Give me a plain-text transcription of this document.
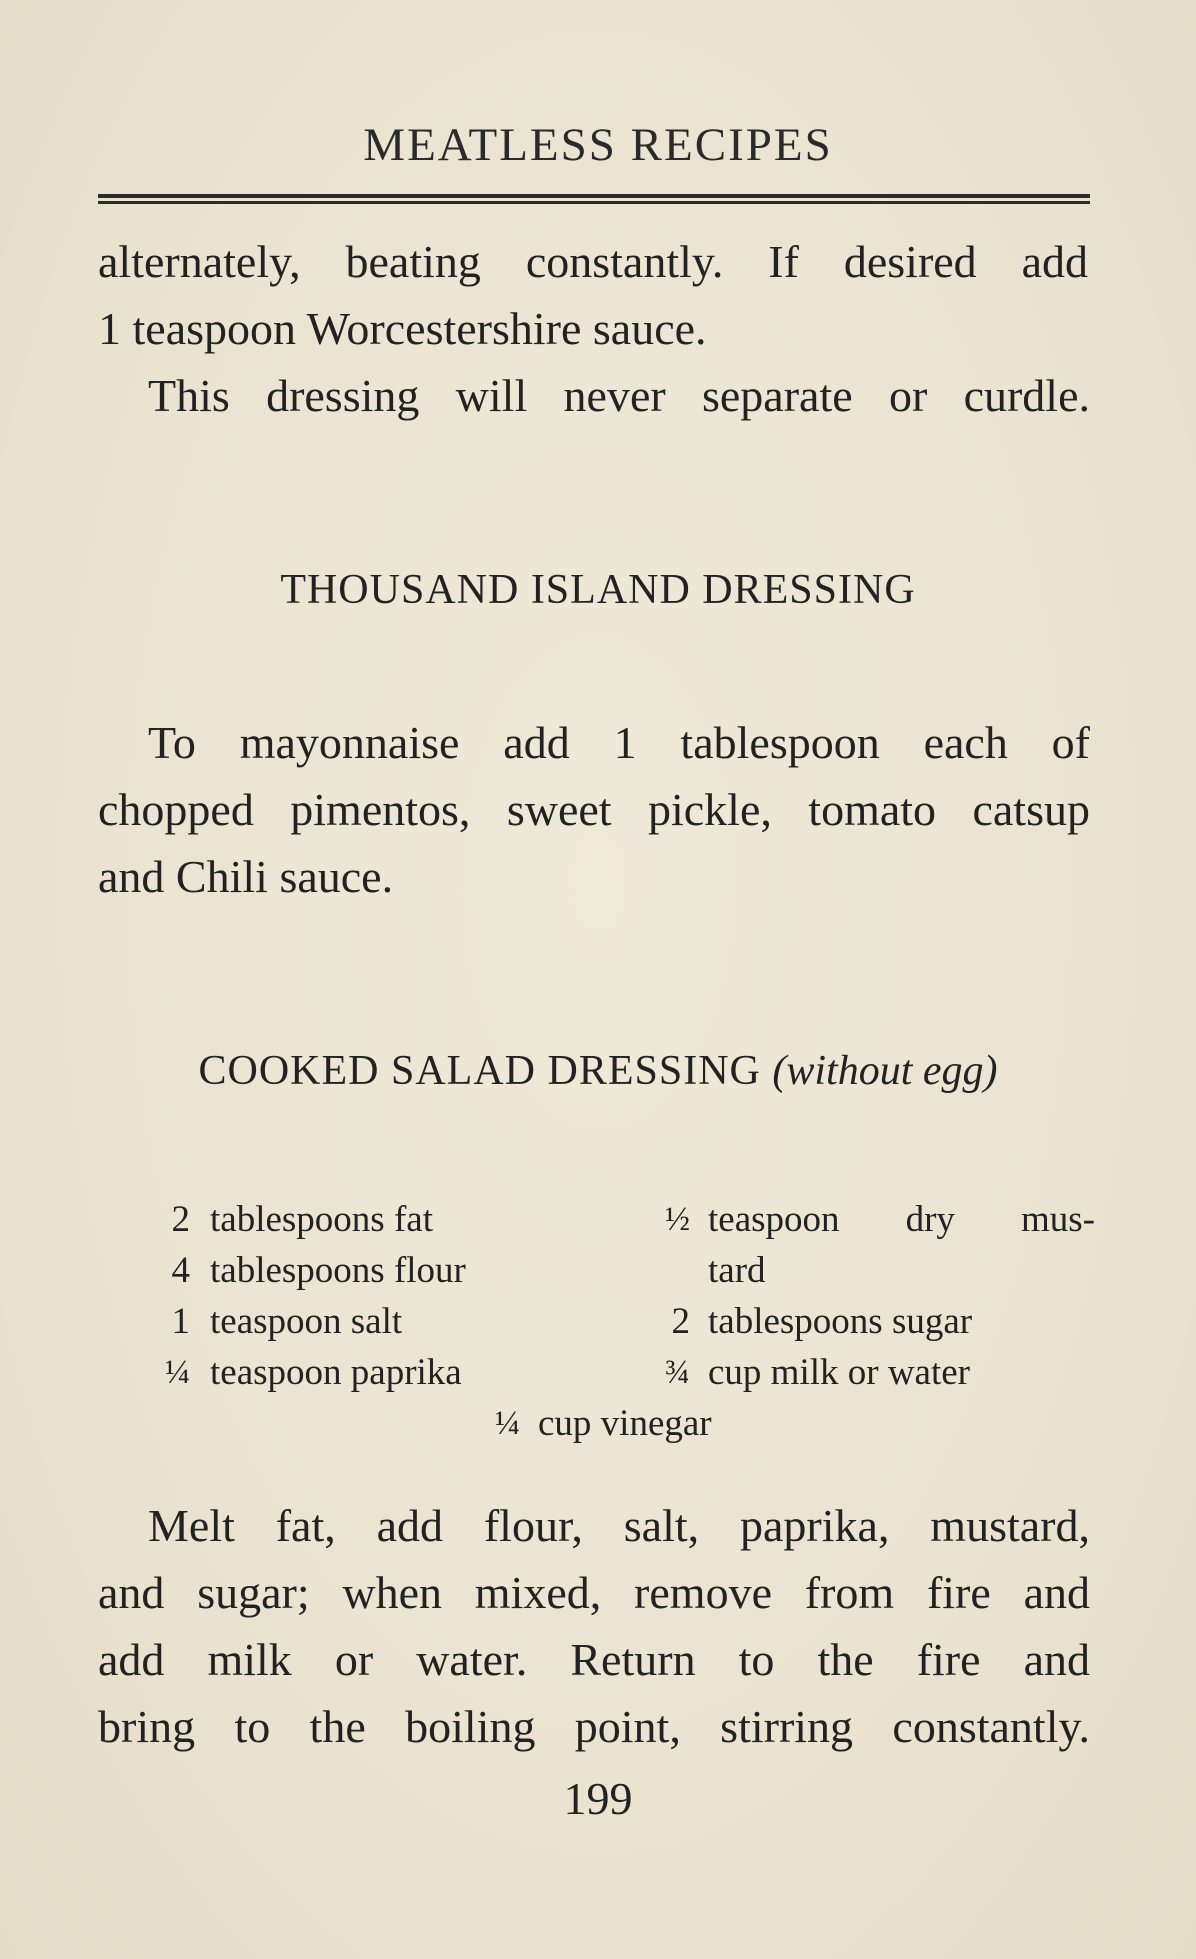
MEATLESS RECIPES
alternately, beating constantly. If desired add
1 teaspoon Worcestershire sauce.
This dressing will never separate or curdle.
THOUSAND ISLAND DRESSING
To mayonnaise add 1 tablespoon each of
chopped pimentos, sweet pickle, tomato catsup
and Chili sauce.
COOKED SALAD DRESSING (without egg)
2 tablespoons fat
4 tablespoons flour
1 teaspoon salt
¼ teaspoon paprika
½ teaspoon dry mus-
tard
2 tablespoons sugar
¾ cup milk or water
¼ cup vinegar
Melt fat, add flour, salt, paprika, mustard,
and sugar; when mixed, remove from fire and
add milk or water. Return to the fire and
bring to the boiling point, stirring constantly.
199
